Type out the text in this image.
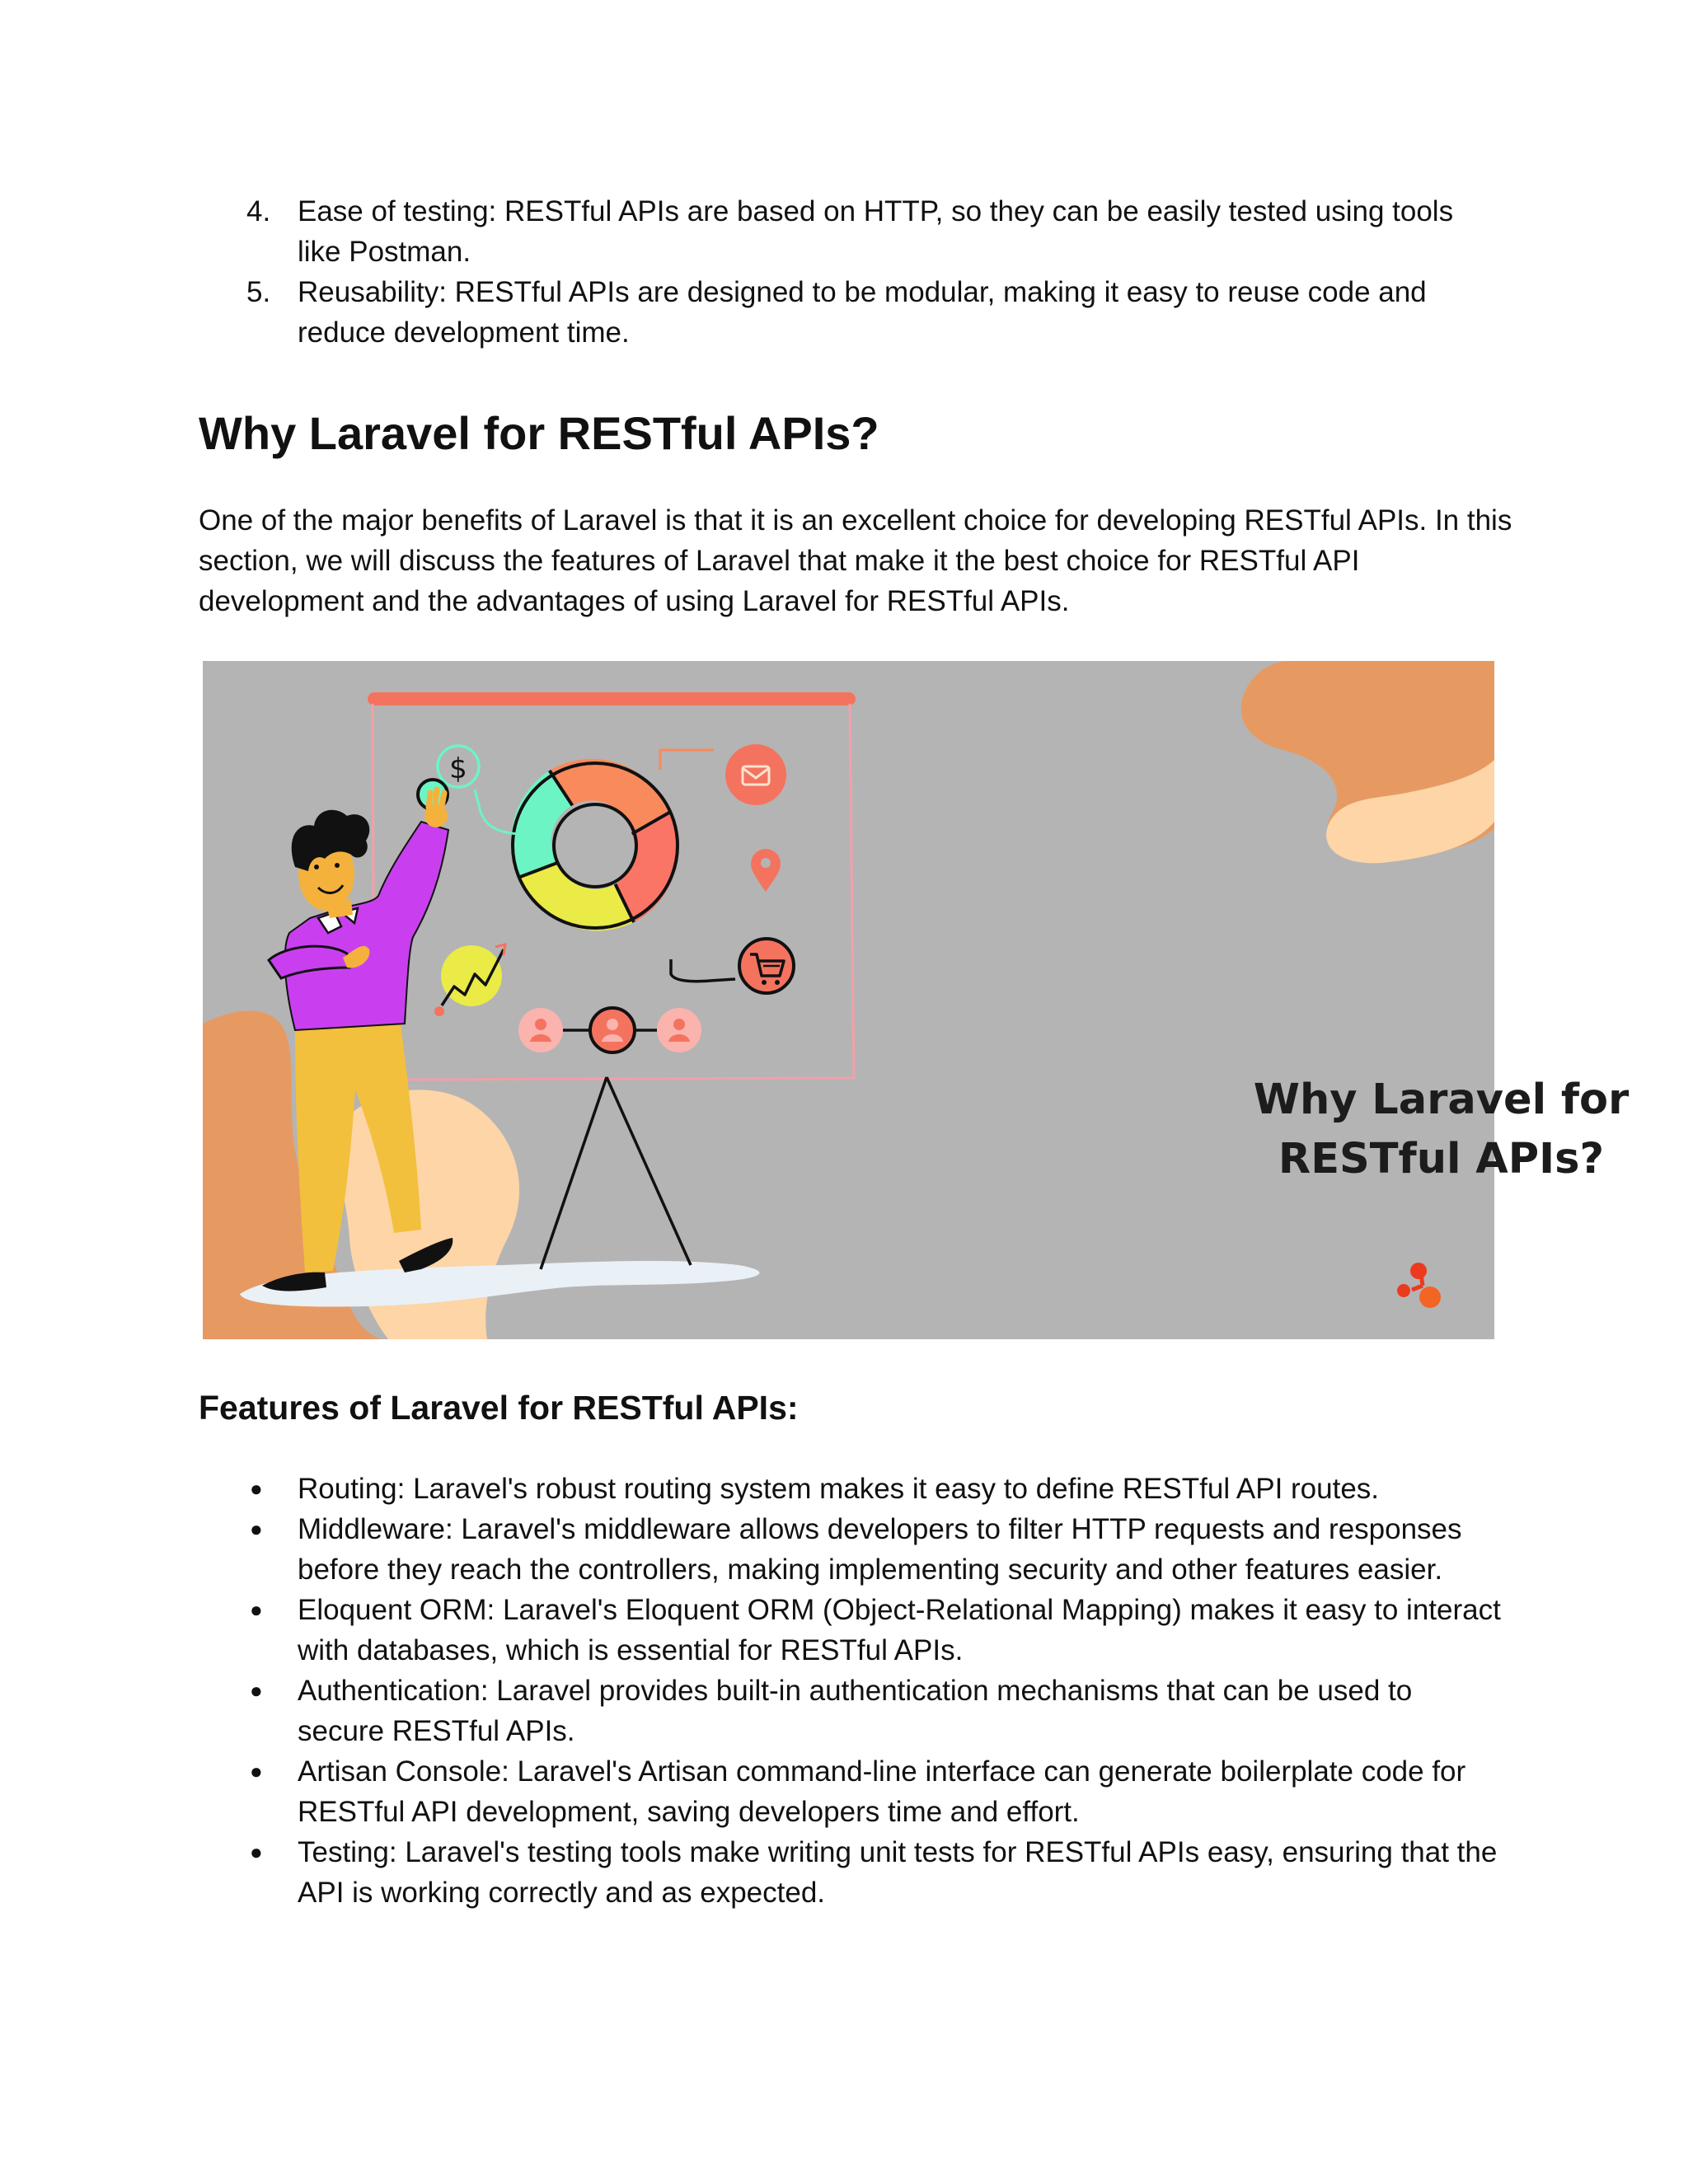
4. Ease of testing: RESTful APIs are based on HTTP, so they can be easily tested using tools like Postman.
5. Reusability: RESTful APIs are designed to be modular, making it easy to reuse code and reduce development time.
Why Laravel for RESTful APIs?

One of the major benefits of Laravel is that it is an excellent choice for developing RESTful APIs. In this section, we will discuss the features of Laravel that make it the best choice for RESTful API development and the advantages of using Laravel for RESTful APIs.

$

Why Laravel for
RESTful APIs?

Features of Laravel for RESTful APIs:
● Routing: Laravel's robust routing system makes it easy to define RESTful API routes.
● Middleware: Laravel's middleware allows developers to filter HTTP requests and responses before they reach the controllers, making implementing security and other features easier.
● Eloquent ORM: Laravel's Eloquent ORM (Object-Relational Mapping) makes it easy to interact with databases, which is essential for RESTful APIs.
● Authentication: Laravel provides built-in authentication mechanisms that can be used to secure RESTful APIs.
● Artisan Console: Laravel's Artisan command-line interface can generate boilerplate code for RESTful API development, saving developers time and effort.
● Testing: Laravel's testing tools make writing unit tests for RESTful APIs easy, ensuring that the API is working correctly and as expected.
